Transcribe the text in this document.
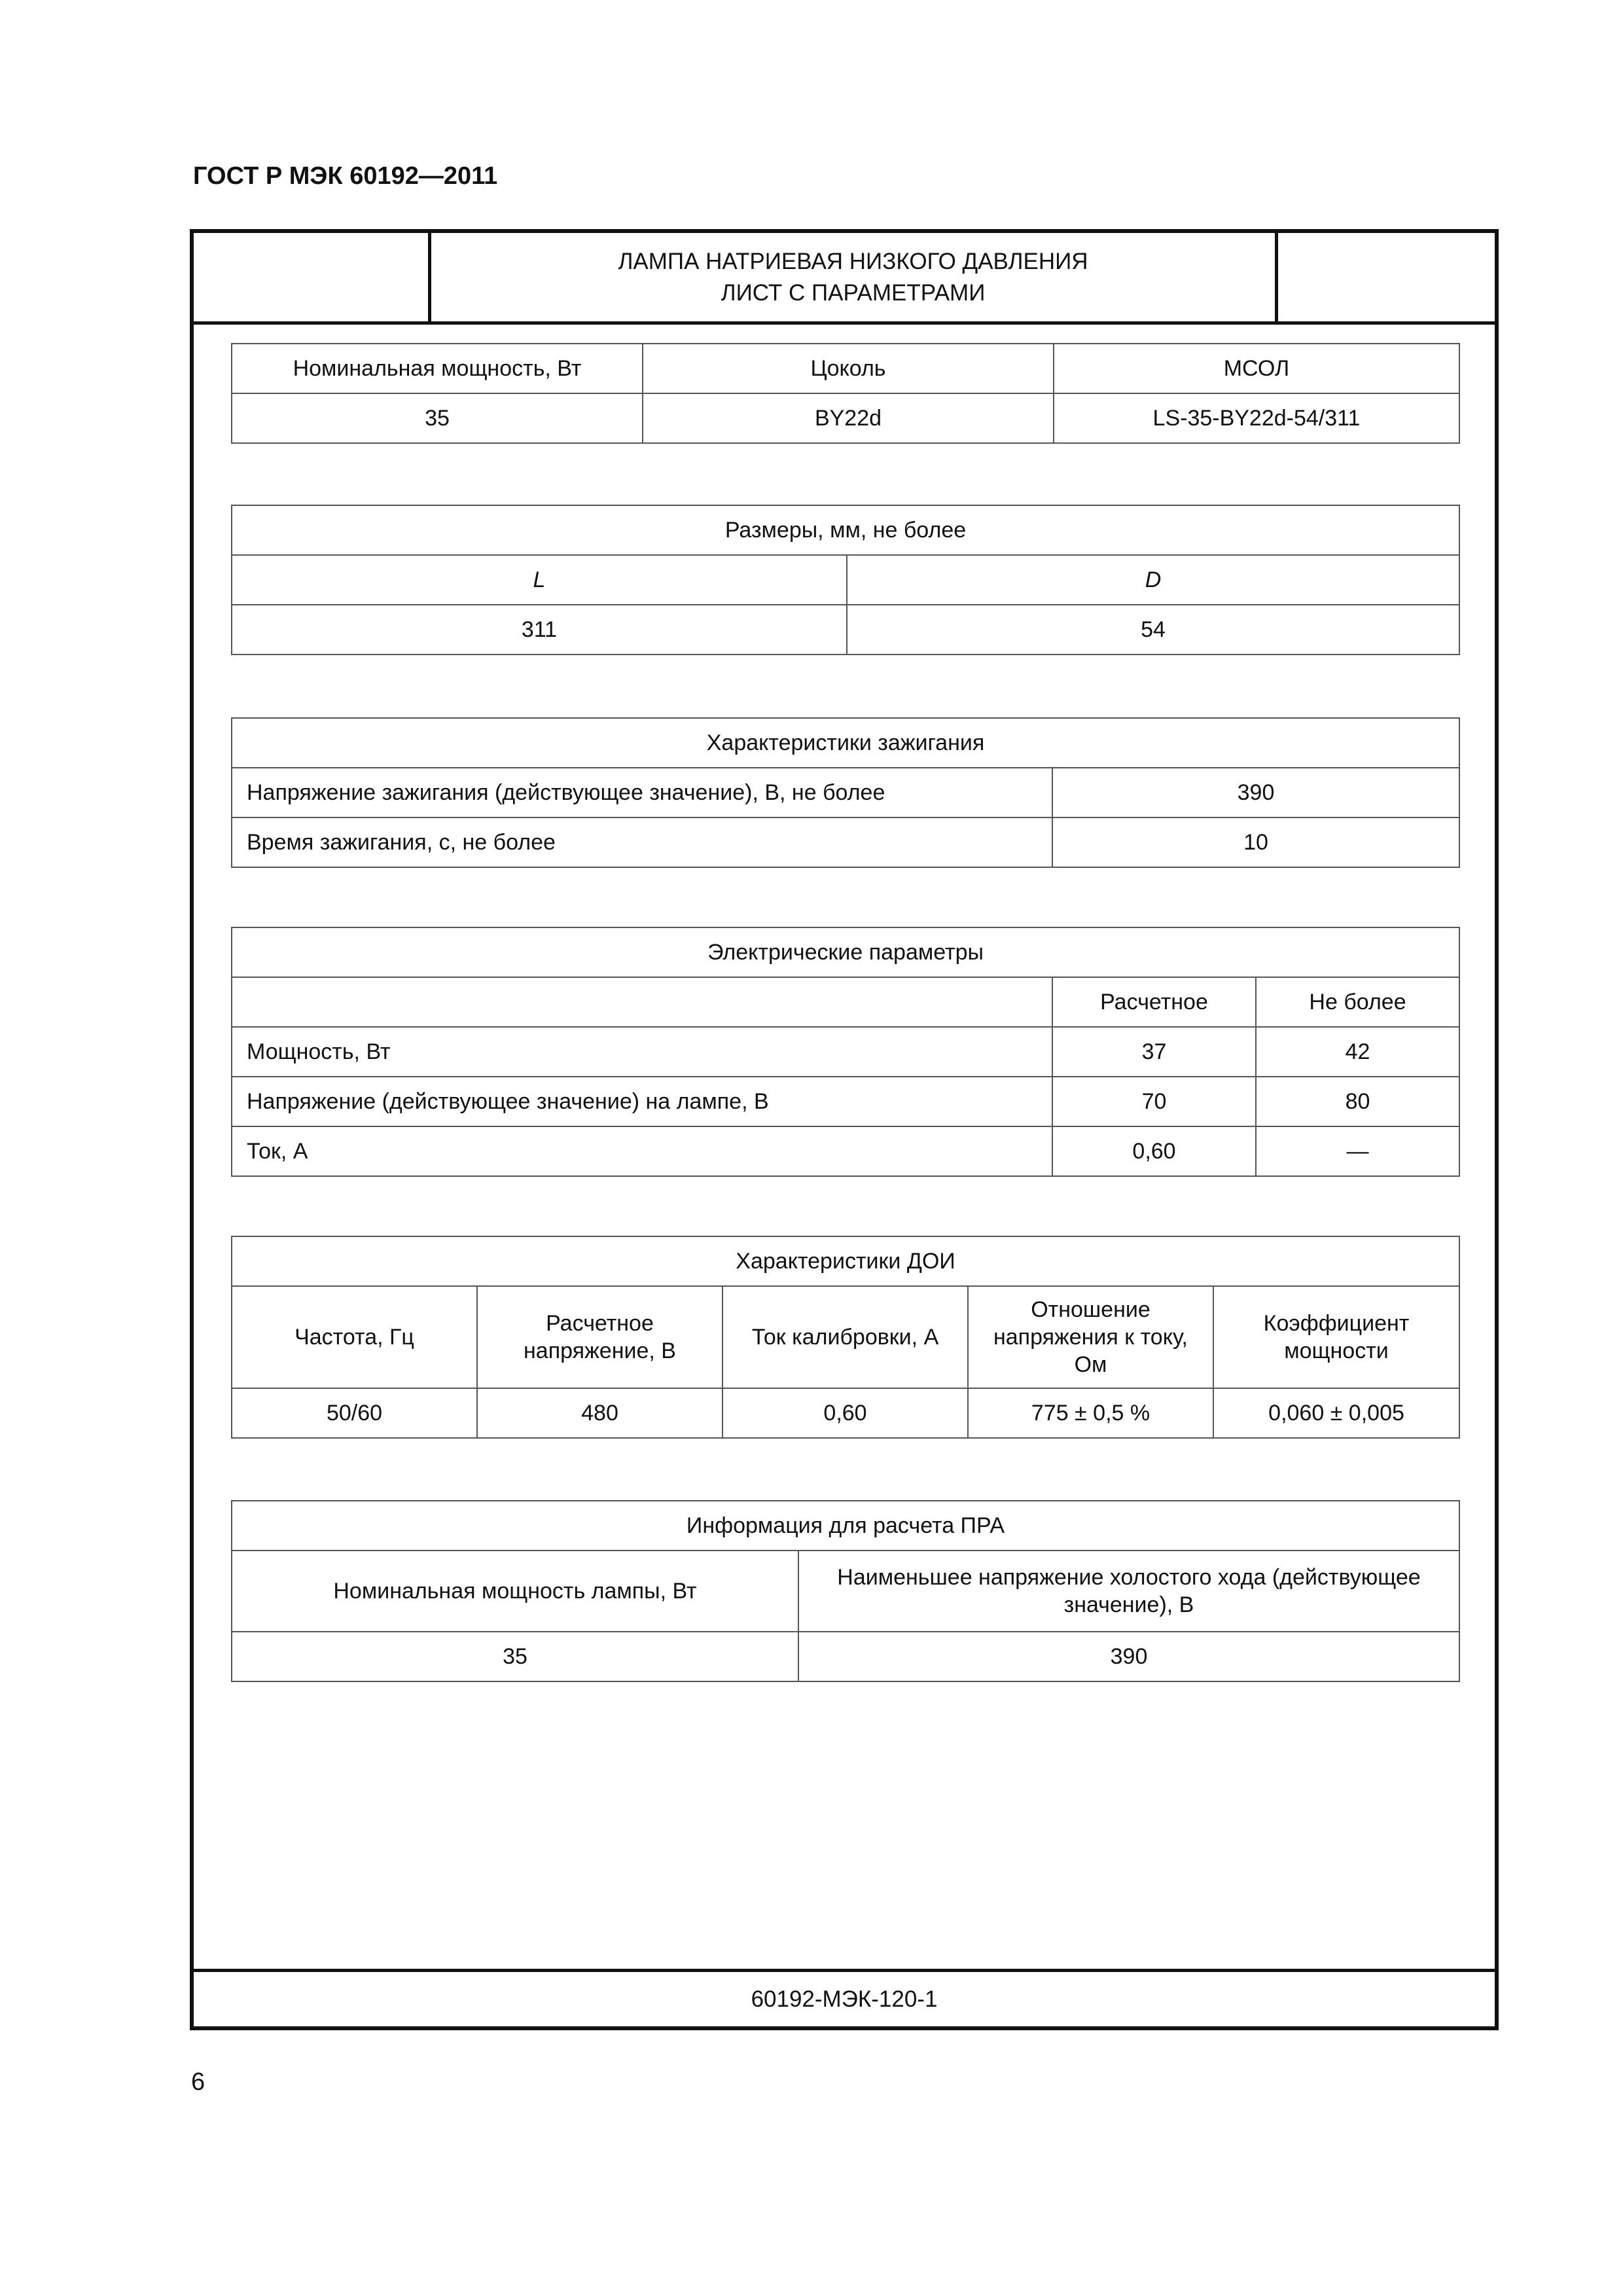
ГОСТ Р МЭК 60192—2011
ЛАМПА НАТРИЕВАЯ НИЗКОГО ДАВЛЕНИЯ
ЛИСТ С ПАРАМЕТРАМИ
Номинальная мощность, Вт	Цоколь	МСОЛ
35	BY22d	LS-35-BY22d-54/311
Размеры, мм, не более	
L	D
311	54
Характеристики зажигания	
Напряжение зажигания (действующее значение), В, не более	390
Время зажигания, с, не более	10
Электрические параметры		
	Расчетное	Не более
Мощность, Вт	37	42
Напряжение (действующее значение) на лампе, В	70	80
Ток, А	0,60	—
Характеристики ДОИ				
Частота, Гц	Расчетное напряжение, В	Ток калибровки, А	Отношение напряжения к току, Ом	Коэффициент мощности
50/60	480	0,60	775 ± 0,5 %	0,060 ± 0,005
Информация для расчета ПРА	
Номинальная мощность лампы, Вт	Наименьшее напряжение холостого хода (действующее значение), В
35	390
60192-МЭК-120-1
6
